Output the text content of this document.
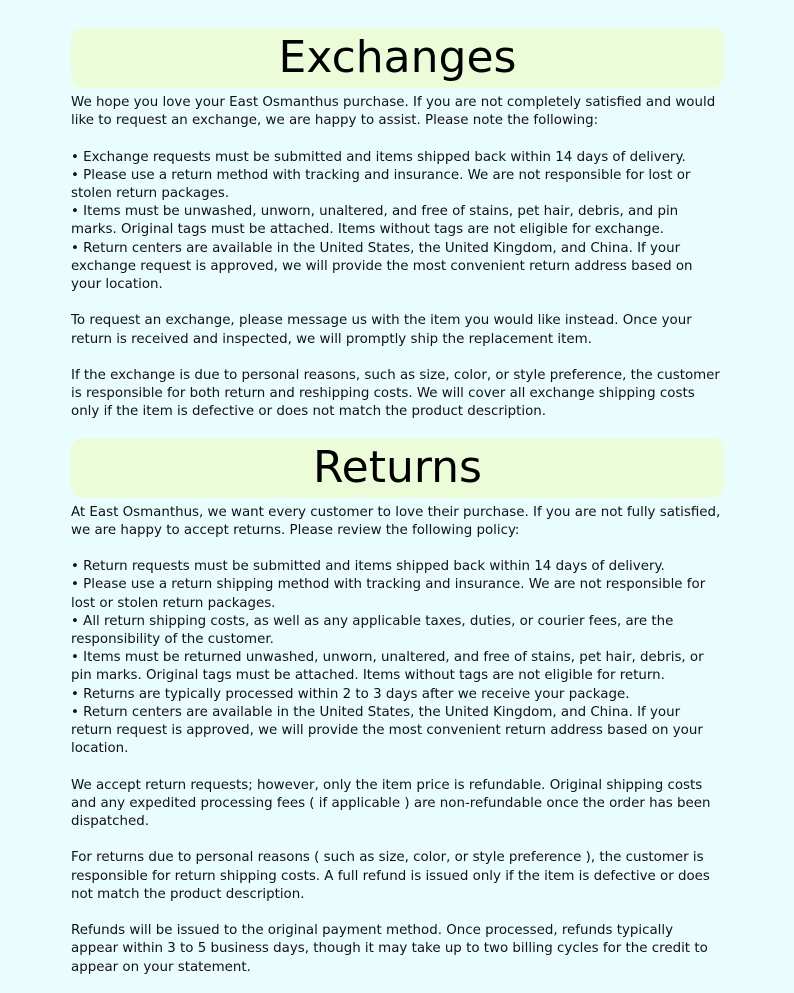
Exchanges

We hope you love your East Osmanthus purchase. If you are not completely satisfied and would like to request an exchange, we are happy to assist. Please note the following:

• Exchange requests must be submitted and items shipped back within 14 days of delivery.

• Please use a return method with tracking and insurance. We are not responsible for lost or stolen return packages.

• Items must be unwashed, unworn, unaltered, and free of stains, pet hair, debris, and pin marks. Original tags must be attached. Items without tags are not eligible for exchange.

• Return centers are available in the United States, the United Kingdom, and China. If your exchange request is approved, we will provide the most convenient return address based on your location.

To request an exchange, please message us with the item you would like instead. Once your return is received and inspected, we will promptly ship the replacement item.

If the exchange is due to personal reasons, such as size, color, or style preference, the customer is responsible for both return and reshipping costs. We will cover all exchange shipping costs only if the item is defective or does not match the product description.

Returns

At East Osmanthus, we want every customer to love their purchase. If you are not fully satisfied, we are happy to accept returns. Please review the following policy:

• Return requests must be submitted and items shipped back within 14 days of delivery.

• Please use a return shipping method with tracking and insurance. We are not responsible for lost or stolen return packages.

• All return shipping costs, as well as any applicable taxes, duties, or courier fees, are the responsibility of the customer.

• Items must be returned unwashed, unworn, unaltered, and free of stains, pet hair, debris, or pin marks. Original tags must be attached. Items without tags are not eligible for return.

• Returns are typically processed within 2 to 3 days after we receive your package.

• Return centers are available in the United States, the United Kingdom, and China. If your return request is approved, we will provide the most convenient return address based on your location.

We accept return requests; however, only the item price is refundable. Original shipping costs and any expedited processing fees ( if applicable ) are non-refundable once the order has been dispatched.

For returns due to personal reasons ( such as size, color, or style preference ), the customer is responsible for return shipping costs. A full refund is issued only if the item is defective or does not match the product description.

Refunds will be issued to the original payment method. Once processed, refunds typically appear within 3 to 5 business days, though it may take up to two billing cycles for the credit to appear on your statement.
